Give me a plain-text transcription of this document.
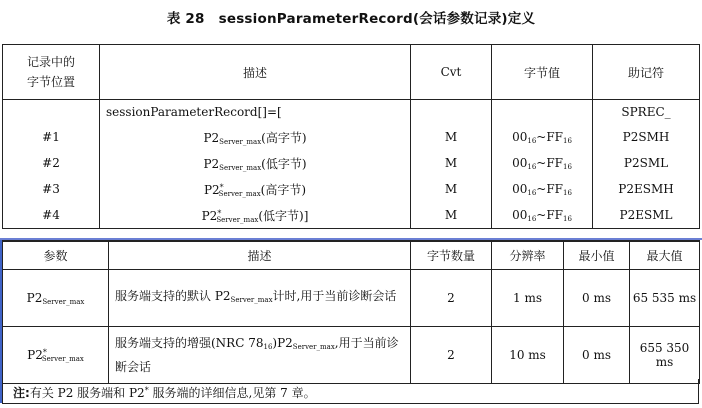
表 28 sessionParameterRecord(会话参数记录)定义
记录中的
字节位置	描述	Cvt	字节值	助记符
	sessionParameterRecord[]=[			SPREC_
#1	$P2_{Server\_max}$(高字节)	M	$00_{16}\sim FF_{16}$	P2SMH
#2	$P2_{Server\_max}$(低字节)	M	$00_{16}\sim FF_{16}$	P2SML
#3	$P2^*_{Server\_max}$(高字节)	M	$00_{16}\sim FF_{16}$	P2ESMH
#4	$P2^*_{Server\_max}$(低字节)]	M	$00_{16}\sim FF_{16}$	P2ESML
参数	描述	字节数量	分辨率	最小值	最大值
$P2_{Server\_max}$	服务端支持的默认 $P2_{Server\_max}$计时,用于当前诊断会话	2	1 ms	0 ms	65 535 ms
$P2^*_{Server\_max}$	服务端支持的增强(NRC $78_{16})P2_{Server\_max}$,用于当前诊断会话	2	10 ms	0 ms	655 350 ms
注:有关 P2 服务端和 P2* 服务端的详细信息,见第 7 章。
